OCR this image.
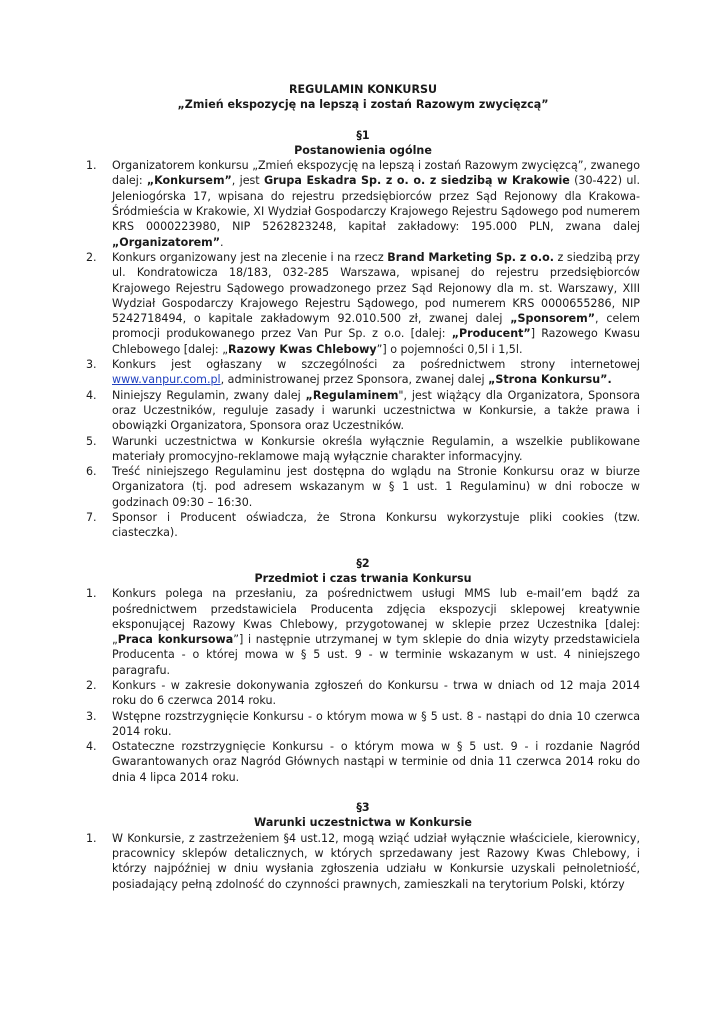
REGULAMIN KONKURSU

„Zmień ekspozycję na lepszą i zostań Razowym zwycięzcą”

§1

Postanowienia ogólne

1. Organizatorem konkursu „Zmień ekspozycję na lepszą i zostań Razowym zwycięzcą”, zwanego dalej: „Konkursem”, jest Grupa Eskadra Sp. z o. o. z siedzibą w Krakowie (30-422) ul. Jeleniogórska 17, wpisana do rejestru przedsiębiorców przez Sąd Rejonowy dla Krakowa-Śródmieścia w Krakowie, XI Wydział Gospodarczy Krajowego Rejestru Sądowego pod numerem KRS 0000223980, NIP 5262823248, kapitał zakładowy: 195.000 PLN, zwana dalej „Organizatorem”.
2. Konkurs organizowany jest na zlecenie i na rzecz Brand Marketing Sp. z o.o. z siedzibą przy ul. Kondratowicza 18/183, 032-285 Warszawa, wpisanej do rejestru przedsiębiorców Krajowego Rejestru Sądowego prowadzonego przez Sąd Rejonowy dla m. st. Warszawy, XIII Wydział Gospodarczy Krajowego Rejestru Sądowego, pod numerem KRS 0000655286, NIP 5242718494, o kapitale zakładowym 92.010.500 zł, zwanej dalej „Sponsorem”, celem promocji produkowanego przez Van Pur Sp. z o.o. [dalej: „Producent”] Razowego Kwasu Chlebowego [dalej: „Razowy Kwas Chlebowy”] o pojemności 0,5l i 1,5l.
3. Konkurs jest ogłaszany w szczególności za pośrednictwem strony internetowej www.vanpur.com.pl, administrowanej przez Sponsora, zwanej dalej „Strona Konkursu”.
4. Niniejszy Regulamin, zwany dalej „Regulaminem", jest wiążący dla Organizatora, Sponsora oraz Uczestników, reguluje zasady i warunki uczestnictwa w Konkursie, a także prawa i obowiązki Organizatora, Sponsora oraz Uczestników.
5. Warunki uczestnictwa w Konkursie określa wyłącznie Regulamin, a wszelkie publikowane materiały promocyjno-reklamowe mają wyłącznie charakter informacyjny.
6. Treść niniejszego Regulaminu jest dostępna do wglądu na Stronie Konkursu oraz w biurze Organizatora (tj. pod adresem wskazanym w § 1 ust. 1 Regulaminu) w dni robocze w godzinach 09:30 – 16:30.
7. Sponsor i Producent oświadcza, że Strona Konkursu wykorzystuje pliki cookies (tzw. ciasteczka).

§2

Przedmiot i czas trwania Konkursu

1. Konkurs polega na przesłaniu, za pośrednictwem usługi MMS lub e-mail’em bądź za pośrednictwem przedstawiciela Producenta zdjęcia ekspozycji sklepowej kreatywnie eksponującej Razowy Kwas Chlebowy, przygotowanej w sklepie przez Uczestnika [dalej: „Praca konkursowa”] i następnie utrzymanej w tym sklepie do dnia wizyty przedstawiciela Producenta - o której mowa w § 5 ust. 9 - w terminie wskazanym w ust. 4 niniejszego paragrafu.
2. Konkurs - w zakresie dokonywania zgłoszeń do Konkursu - trwa w dniach od 12 maja 2014 roku do 6 czerwca 2014 roku.
3. Wstępne rozstrzygnięcie Konkursu - o którym mowa w § 5 ust. 8 - nastąpi do dnia 10 czerwca 2014 roku.
4. Ostateczne rozstrzygnięcie Konkursu - o którym mowa w § 5 ust. 9 - i rozdanie Nagród Gwarantowanych oraz Nagród Głównych nastąpi w terminie od dnia 11 czerwca 2014 roku do dnia 4 lipca 2014 roku.

§3

Warunki uczestnictwa w Konkursie

1. W Konkursie, z zastrzeżeniem §4 ust.12, mogą wziąć udział wyłącznie właściciele, kierownicy, pracownicy sklepów detalicznych, w których sprzedawany jest Razowy Kwas Chlebowy, i którzy najpóźniej w dniu wysłania zgłoszenia udziału w Konkursie uzyskali pełnoletniość, posiadający pełną zdolność do czynności prawnych, zamieszkali na terytorium Polski, którzy
